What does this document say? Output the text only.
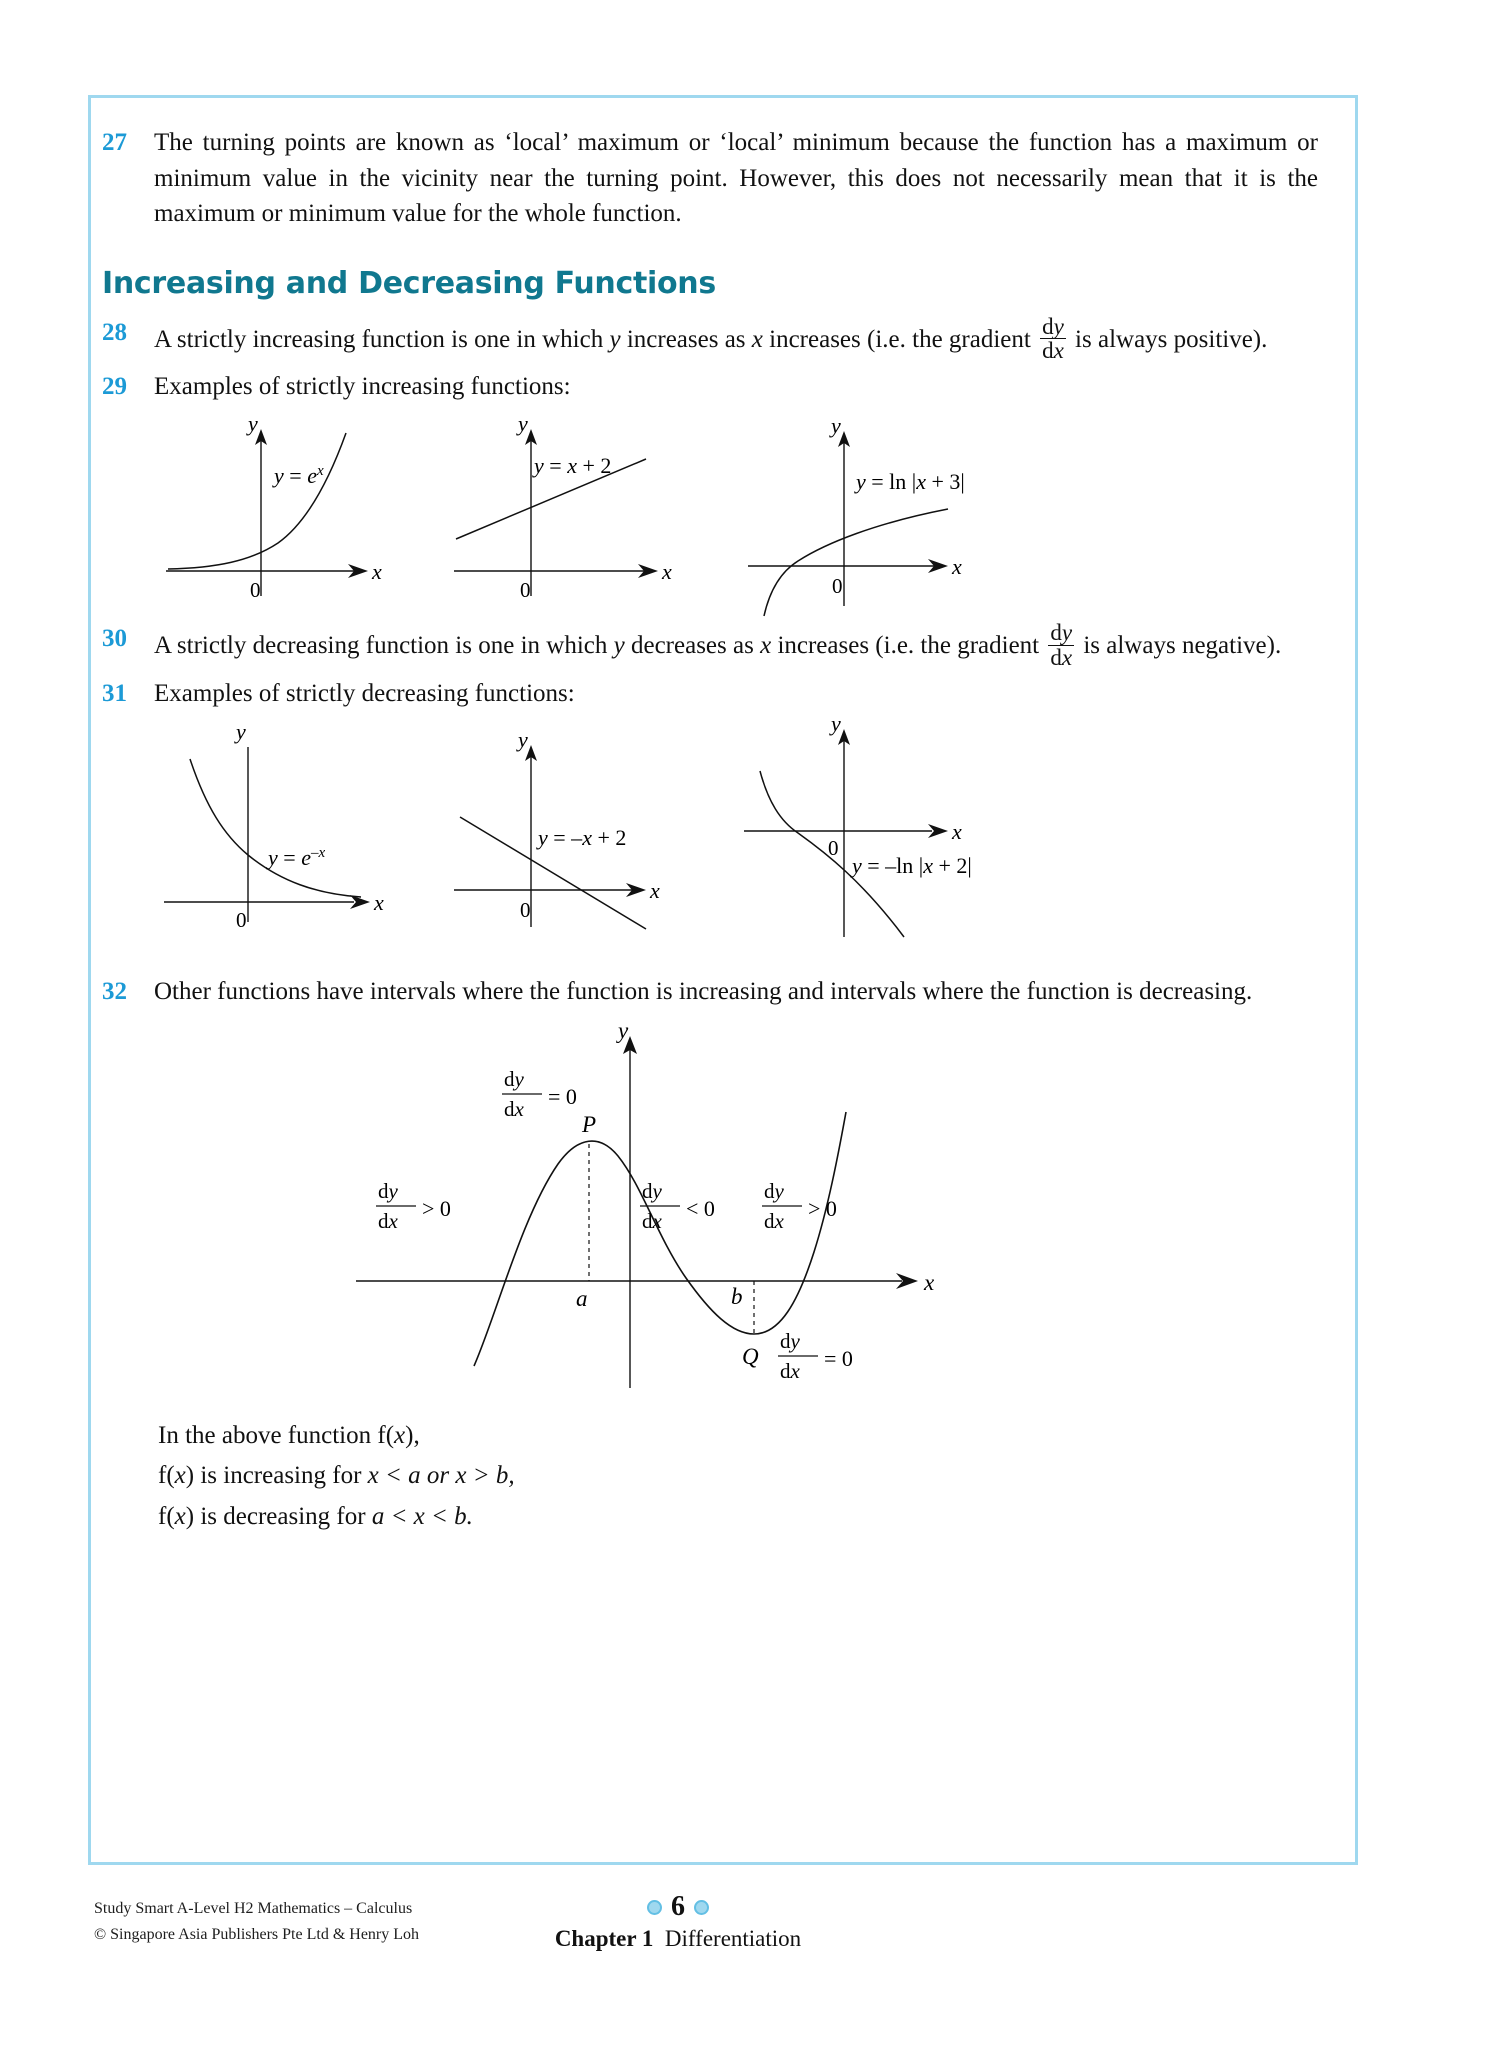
27	The turning points are known as ‘local’ maximum or ‘local’ minimum because the function has a maximum or minimum value in the vicinity near the turning point. However, this does not necessarily mean that it is the maximum or minimum value for the whole function.
Increasing and Decreasing Functions
28	A strictly increasing function is one in which y increases as x increases (i.e. the gradient $\frac{dy}{dx}$ is always positive).
29	Examples of strictly increasing functions:
y
x
0
$y = e^x$
y
x
0
y = x + 2
y
x
0
y = ln |x + 3|
30	A strictly decreasing function is one in which y decreases as x increases (i.e. the gradient $\frac{dy}{dx}$ is always negative).
31	Examples of strictly decreasing functions:
y
x
0
$y = e^{-x}$
y
x
0
y = –x + 2
y
x
0
y = –ln |x + 2|
32	Other functions have intervals where the function is increasing and intervals where the function is decreasing.
y
x
a	b
P
Q
dy
dx = 0
dy
dx > 0
dy
dx < 0
dy
dx > 0
dy
dx = 0
In the above function f(x),
f(x) is increasing for x < a or x > b,
f(x) is decreasing for a < x < b.
Study Smart A-Level H2 Mathematics – Calculus
© Singapore Asia Publishers Pte Ltd & Henry Loh
6
Chapter 1 Differentiation
